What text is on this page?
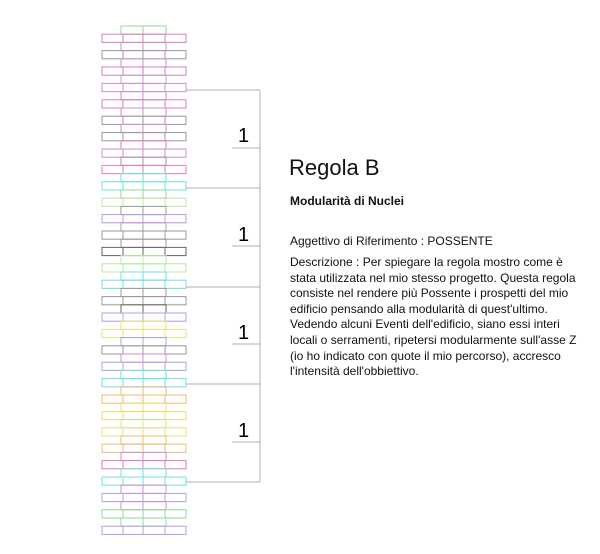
1
1
1
1
Regola B
Modularità di Nuclei
Aggettivo di Riferimento : POSSENTE
Descrizione : Per spiegare la regola mostro come è
stata utilizzata nel mio stesso progetto. Questa regola
consiste nel rendere più Possente i prospetti del mio
edificio pensando alla modularità di quest'ultimo.
Vedendo alcuni Eventi dell'edificio, siano essi interi
locali o serramenti, ripetersi modularmente sull'asse Z
(io ho indicato con quote il mio percorso), accresco
l'intensità dell'obbiettivo.
